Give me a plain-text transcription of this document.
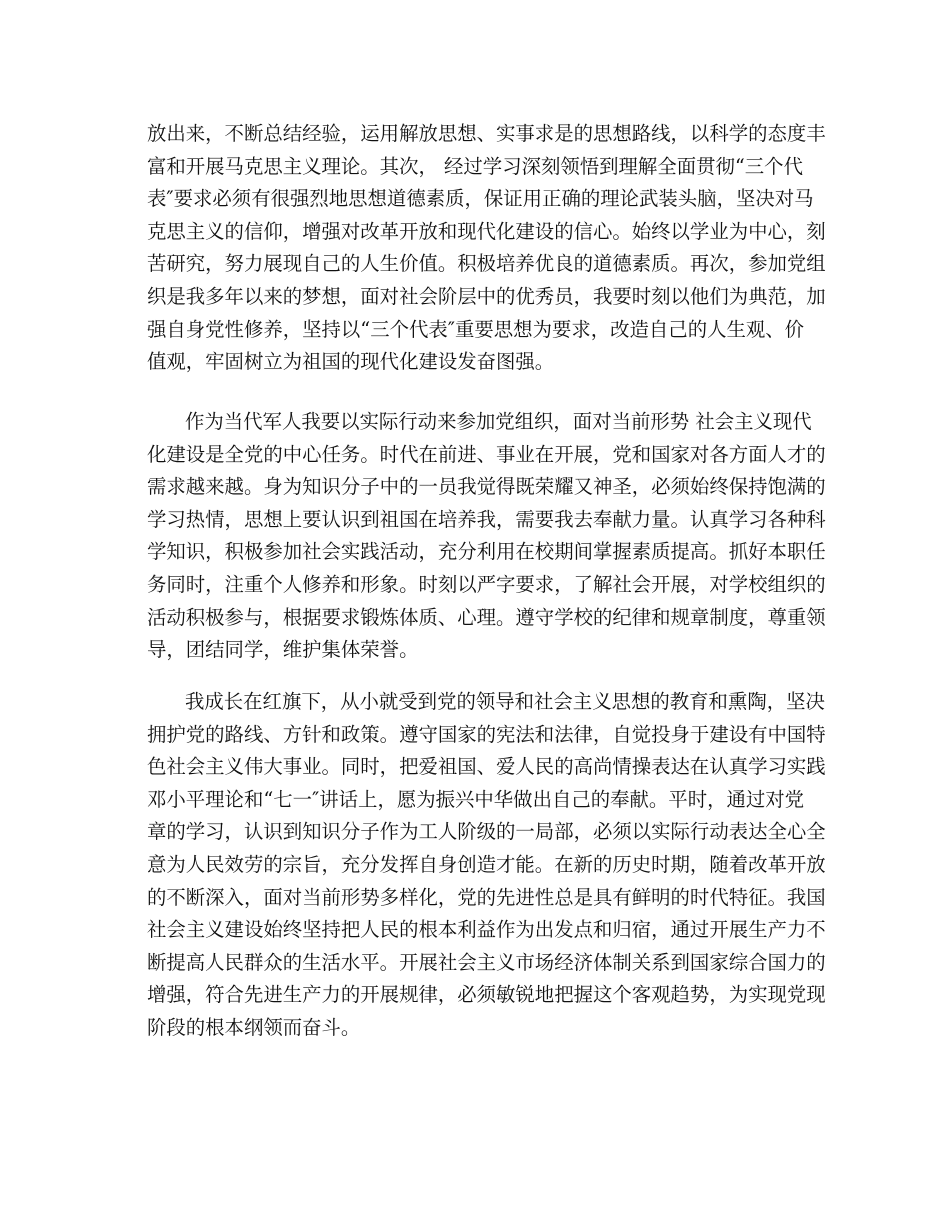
放出来，不断总结经验，运用解放思想、实事求是的思想路线，以科学的态度丰
富和开展马克思主义理论。其次， 经过学习深刻领悟到理解全面贯彻“三个代
表″要求必须有很强烈地思想道德素质，保证用正确的理论武装头脑，坚决对马
克思主义的信仰，增强对改革开放和现代化建设的信心。始终以学业为中心，刻
苦研究，努力展现自己的人生价值。积极培养优良的道德素质。再次，参加党组
织是我多年以来的梦想，面对社会阶层中的优秀员，我要时刻以他们为典范，加
强自身党性修养，坚持以“三个代表″重要思想为要求，改造自己的人生观、价
值观，牢固树立为祖国的现代化建设发奋图强。
作为当代军人我要以实际行动来参加党组织，面对当前形势 社会主义现代
化建设是全党的中心任务。时代在前进、事业在开展，党和国家对各方面人才的
需求越来越。身为知识分子中的一员我觉得既荣耀又神圣，必须始终保持饱满的
学习热情，思想上要认识到祖国在培养我，需要我去奉献力量。认真学习各种科
学知识，积极参加社会实践活动，充分利用在校期间掌握素质提高。抓好本职任
务同时，注重个人修养和形象。时刻以严字要求，了解社会开展，对学校组织的
活动积极参与，根据要求锻炼体质、心理。遵守学校的纪律和规章制度，尊重领
导，团结同学，维护集体荣誉。
我成长在红旗下，从小就受到党的领导和社会主义思想的教育和熏陶，坚决
拥护党的路线、方针和政策。遵守国家的宪法和法律，自觉投身于建设有中国特
色社会主义伟大事业。同时，把爱祖国、爱人民的高尚情操表达在认真学习实践
邓小平理论和“七一″讲话上，愿为振兴中华做出自己的奉献。平时，通过对党
章的学习，认识到知识分子作为工人阶级的一局部，必须以实际行动表达全心全
意为人民效劳的宗旨，充分发挥自身创造才能。在新的历史时期，随着改革开放
的不断深入，面对当前形势多样化，党的先进性总是具有鲜明的时代特征。我国
社会主义建设始终坚持把人民的根本利益作为出发点和归宿，通过开展生产力不
断提高人民群众的生活水平。开展社会主义市场经济体制关系到国家综合国力的
增强，符合先进生产力的开展规律，必须敏锐地把握这个客观趋势，为实现党现
阶段的根本纲领而奋斗。
